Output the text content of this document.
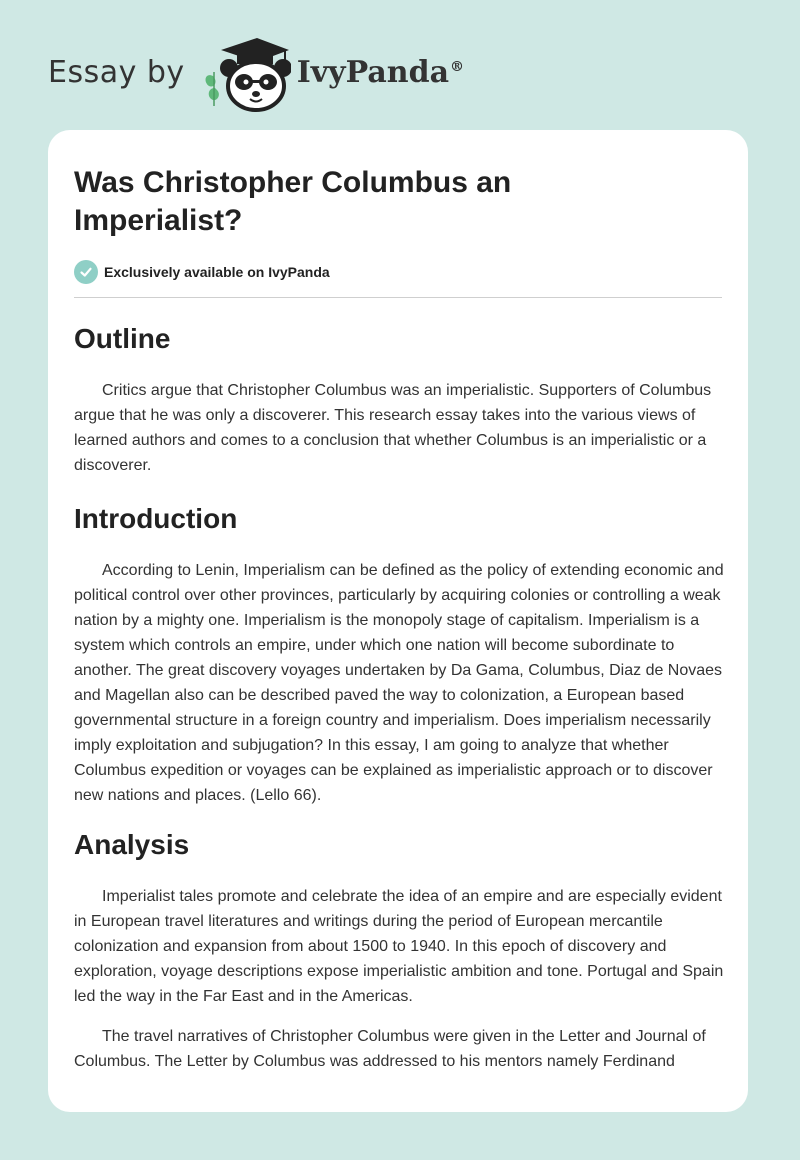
Essay by	IvyPanda®
Was Christopher Columbus an Imperialist?
Exclusively available on IvyPanda
Outline

Critics argue that Christopher Columbus was an imperialistic. Supporters of Columbus argue that he was only a discoverer. This research essay takes into the various views of learned authors and comes to a conclusion that whether Columbus is an imperialistic or a discoverer.

Introduction

According to Lenin, Imperialism can be defined as the policy of extending economic and political control over other provinces, particularly by acquiring colonies or controlling a weak nation by a mighty one. Imperialism is the monopoly stage of capitalism. Imperialism is a system which controls an empire, under which one nation will become subordinate to another. The great discovery voyages undertaken by Da Gama, Columbus, Diaz de Novaes and Magellan also can be described paved the way to colonization, a European based governmental structure in a foreign country and imperialism. Does imperialism necessarily imply exploitation and subjugation? In this essay, I am going to analyze that whether Columbus expedition or voyages can be explained as imperialistic approach or to discover new nations and places. (Lello 66).

Analysis

Imperialist tales promote and celebrate the idea of an empire and are especially evident in European travel literatures and writings during the period of European mercantile colonization and expansion from about 1500 to 1940. In this epoch of discovery and exploration, voyage descriptions expose imperialistic ambition and tone. Portugal and Spain led the way in the Far East and in the Americas.

The travel narratives of Christopher Columbus were given in the Letter and Journal of Columbus. The Letter by Columbus was addressed to his mentors namely Ferdinand
